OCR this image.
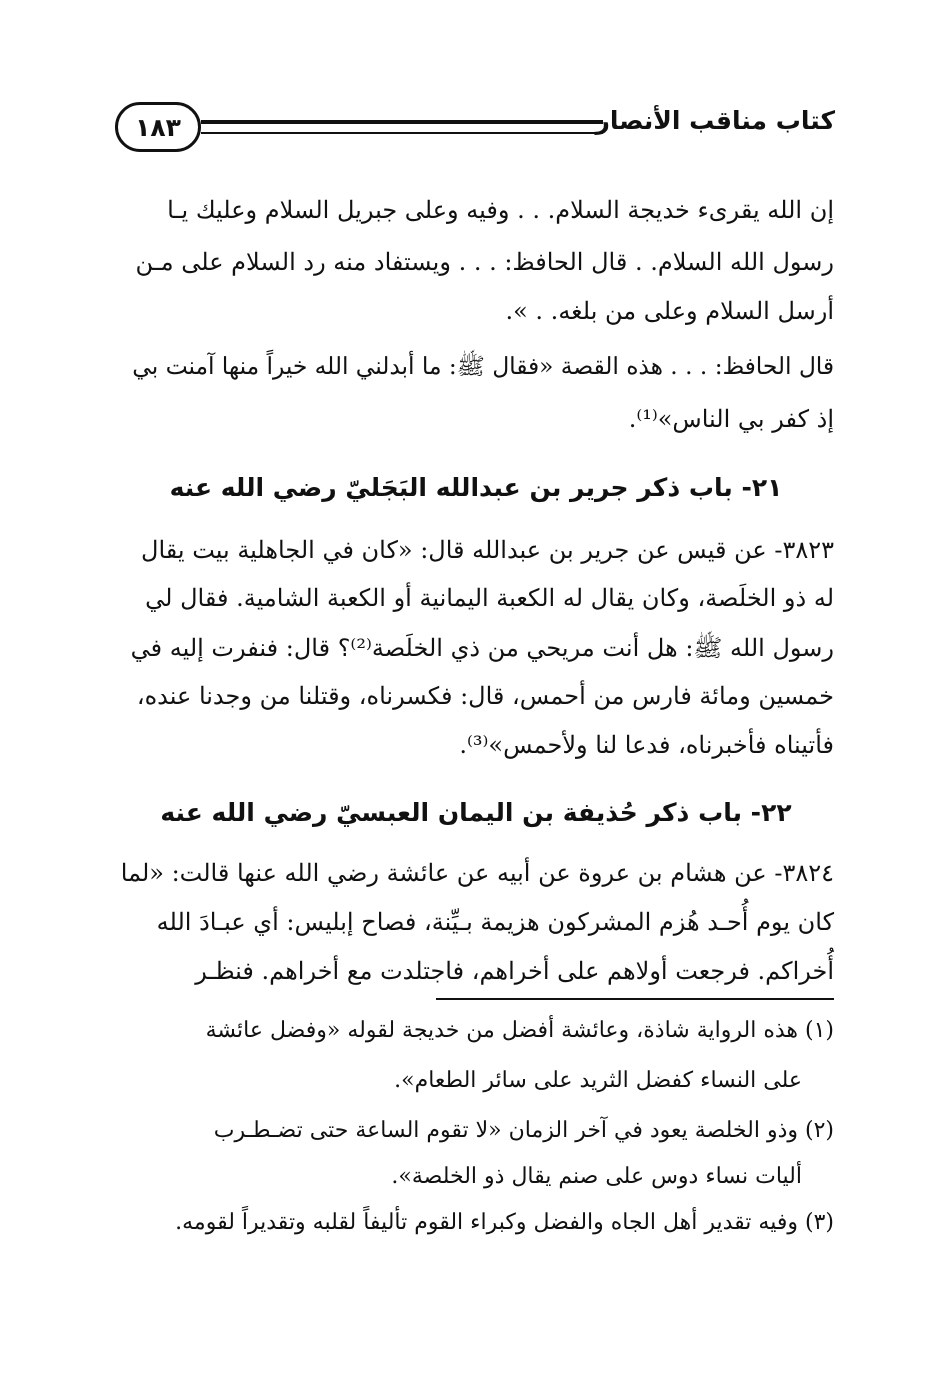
كتاب مناقب الأنصار
١٨٣
إن الله يقرىء خديجة السلام. . . وفيه وعلى جبريل السلام وعليك يـا
رسول الله السلام. . قال الحافظ: . . . ويستفاد منه رد السلام على مـن
أرسل السلام وعلى من بلغه. . ».
قال الحافظ: . . . هذه القصة «فقال ﷺ: ما أبدلني الله خيراً منها آمنت بي
إذ كفر بي الناس»⁽¹⁾.
٢١- باب ذكر جرير بن عبدالله البَجَليّ رضي الله عنه
٣٨٢٣- عن قيس عن جرير بن عبدالله قال: «كان في الجاهلية بيت يقال
له ذو الخلَصة، وكان يقال له الكعبة اليمانية أو الكعبة الشامية. فقال لي
رسول الله ﷺ: هل أنت مريحي من ذي الخلَصة⁽²⁾؟ قال: فنفرت إليه في
خمسين ومائة فارس من أحمس، قال: فكسرناه، وقتلنا من وجدنا عنده،
فأتيناه فأخبرناه، فدعا لنا ولأحمس»⁽³⁾.
٢٢- باب ذكر حُذيفة بن اليمان العبسيّ رضي الله عنه
٣٨٢٤- عن هشام بن عروة عن أبيه عن عائشة رضي الله عنها قالت: «لما
كان يوم أُحـد هُزم المشركون هزيمة بـيِّنة، فصاح إبليس: أي عبـادَ الله
أُخراكم. فرجعت أولاهم على أخراهم، فاجتلدت مع أخراهم. فنظـر
(١) هذه الرواية شاذة، وعائشة أفضل من خديجة لقوله «وفضل عائشة
على النساء كفضل الثريد على سائر الطعام».
(٢) وذو الخلصة يعود في آخر الزمان «لا تقوم الساعة حتى تضـطـرب
أليات نساء دوس على صنم يقال ذو الخلصة».
(٣) وفيه تقدير أهل الجاه والفضل وكبراء القوم تأليفاً لقلبه وتقديراً لقومه.
